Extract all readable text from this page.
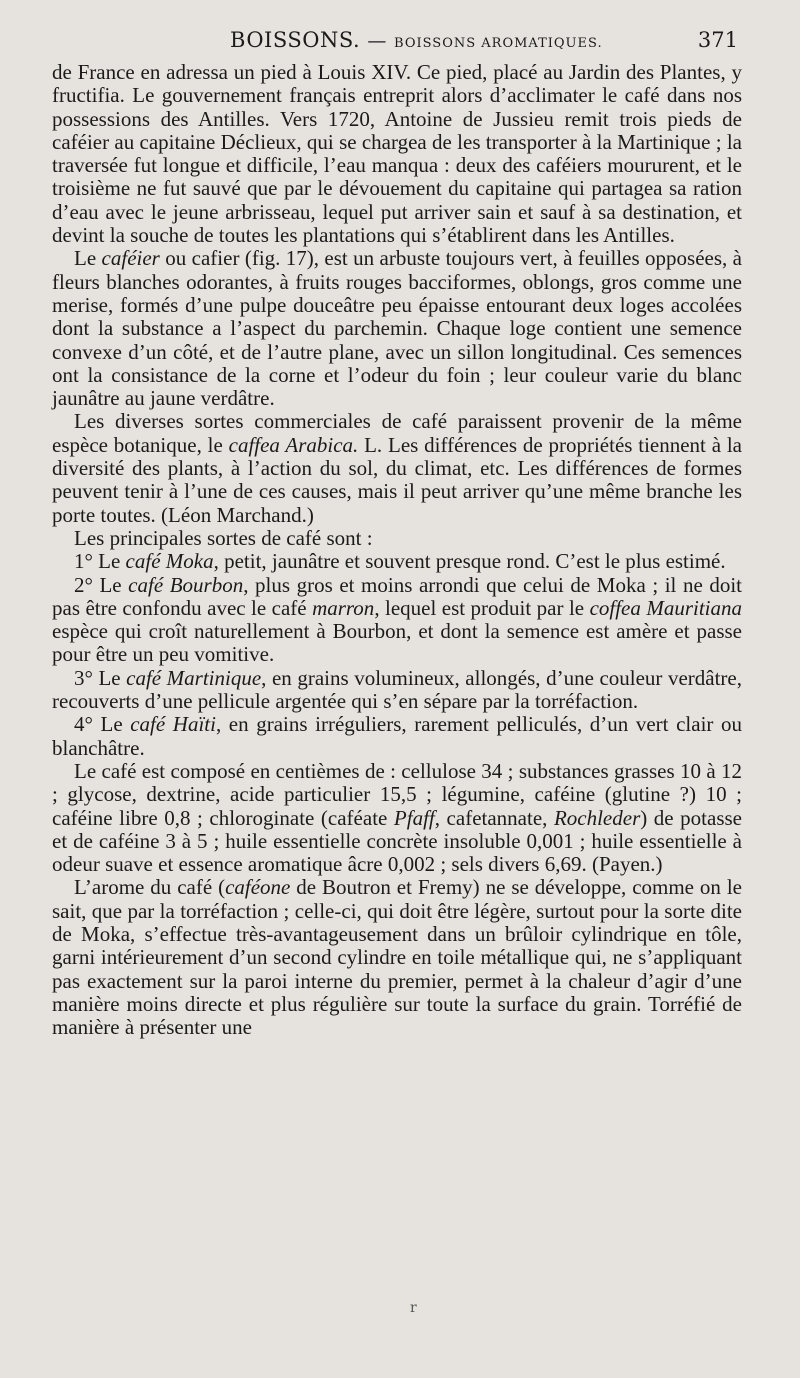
BOISSONS. — BOISSONS AROMATIQUES.	371

de France en adressa un pied à Louis XIV. Ce pied, placé au Jardin des Plantes, y fructifia. Le gouvernement français entreprit alors d’acclimater le café dans nos possessions des Antilles. Vers 1720, Antoine de Jussieu remit trois pieds de caféier au capitaine Déclieux, qui se chargea de les transporter à la Martinique ; la traversée fut longue et difficile, l’eau manqua : deux des caféiers moururent, et le troisième ne fut sauvé que par le dévouement du capitaine qui partagea sa ration d’eau avec le jeune arbrisseau, lequel put arriver sain et sauf à sa destination, et devint la souche de toutes les plantations qui s’établirent dans les Antilles.

Le caféier ou cafier (fig. 17), est un arbuste toujours vert, à feuilles opposées, à fleurs blanches odorantes, à fruits rouges bacciformes, oblongs, gros comme une merise, formés d’une pulpe douceâtre peu épaisse entourant deux loges accolées dont la substance a l’aspect du parchemin. Chaque loge contient une semence convexe d’un côté, et de l’autre plane, avec un sillon longitudinal. Ces semences ont la consistance de la corne et l’odeur du foin ; leur couleur varie du blanc jaunâtre au jaune verdâtre.

Les diverses sortes commerciales de café paraissent provenir de la même espèce botanique, le caffea Arabica. L. Les différences de propriétés tiennent à la diversité des plants, à l’action du sol, du climat, etc. Les différences de formes peuvent tenir à l’une de ces causes, mais il peut arriver qu’une même branche les porte toutes. (Léon Marchand.)

Les principales sortes de café sont :

1° Le café Moka, petit, jaunâtre et souvent presque rond. C’est le plus estimé.

2° Le café Bourbon, plus gros et moins arrondi que celui de Moka ; il ne doit pas être confondu avec le café marron, lequel est produit par le coffea Mauritiana espèce qui croît naturellement à Bourbon, et dont la semence est amère et passe pour être un peu vomitive.

3° Le café Martinique, en grains volumineux, allongés, d’une couleur verdâtre, recouverts d’une pellicule argentée qui s’en sépare par la torréfaction.

4° Le café Haïti, en grains irréguliers, rarement pelliculés, d’un vert clair ou blanchâtre.

Le café est composé en centièmes de : cellulose 34 ; substances grasses 10 à 12 ; glycose, dextrine, acide particulier 15,5 ; légumine, caféine (glutine ?) 10 ; caféine libre 0,8 ; chloroginate (caféate Pfaff, cafetannate, Rochleder) de potasse et de caféine 3 à 5 ; huile essentielle concrète insoluble 0,001 ; huile essentielle à odeur suave et essence aromatique âcre 0,002 ; sels divers 6,69. (Payen.)

L’arome du café (caféone de Boutron et Fremy) ne se développe, comme on le sait, que par la torréfaction ; celle-ci, qui doit être légère, surtout pour la sorte dite de Moka, s’effectue très-avantageusement dans un brûloir cylindrique en tôle, garni intérieurement d’un second cylindre en toile métallique qui, ne s’appliquant pas exactement sur la paroi interne du premier, permet à la chaleur d’agir d’une manière moins directe et plus régulière sur toute la surface du grain. Torréfié de manière à présenter une

r
